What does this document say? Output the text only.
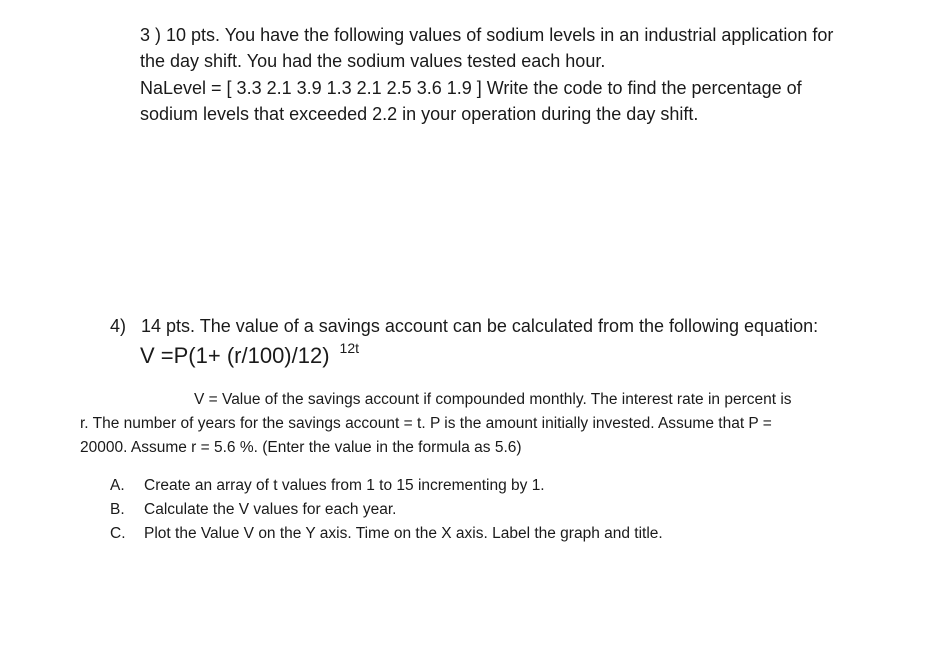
3 ) 10 pts. You have the following values of sodium levels in an industrial application for
the day shift. You had the sodium values tested each hour.
NaLevel = [ 3.3 2.1 3.9 1.3 2.1 2.5 3.6 1.9 ] Write the code to find the percentage of
sodium levels that exceeded 2.2 in your operation during the day shift.
4) 14 pts. The value of a savings account can be calculated from the following equation:
V =P(1+ (r/100)/12) 12t
V = Value of the savings account if compounded monthly. The interest rate in percent is
r. The number of years for the savings account = t. P is the amount initially invested. Assume that P =
20000. Assume r = 5.6 %. (Enter the value in the formula as 5.6)
A. Create an array of t values from 1 to 15 incrementing by 1.
B. Calculate the V values for each year.
C. Plot the Value V on the Y axis. Time on the X axis. Label the graph and title.
